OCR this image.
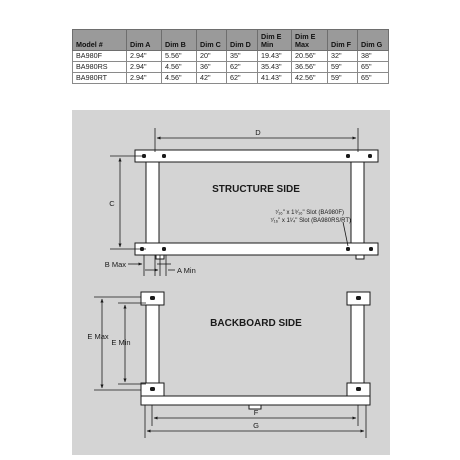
Model #	Dim A	Dim B	Dim C	Dim D	Dim E Min	Dim E Max	Dim F	Dim G
BA980F	2.94"	5.56"	20"	35"	19.43"	20.56"	32"	38"
BA980RS	2.94"	4.56"	36"	62"	35.43"	36.56"	59"	65"
BA980RT	2.94"	4.56"	42"	62"	41.43"	42.56"	59"	65"
STRUCTURE SIDE
BACKBOARD SIDE
D
C
B Max
A Min
⁷⁄₁₆" x 1⁹⁄₁₆" Slot (BA980F)
⁷⁄₁₆" x 1¹⁄₄" Slot (BA980RS/RT)
E Max
E Min
F
G
